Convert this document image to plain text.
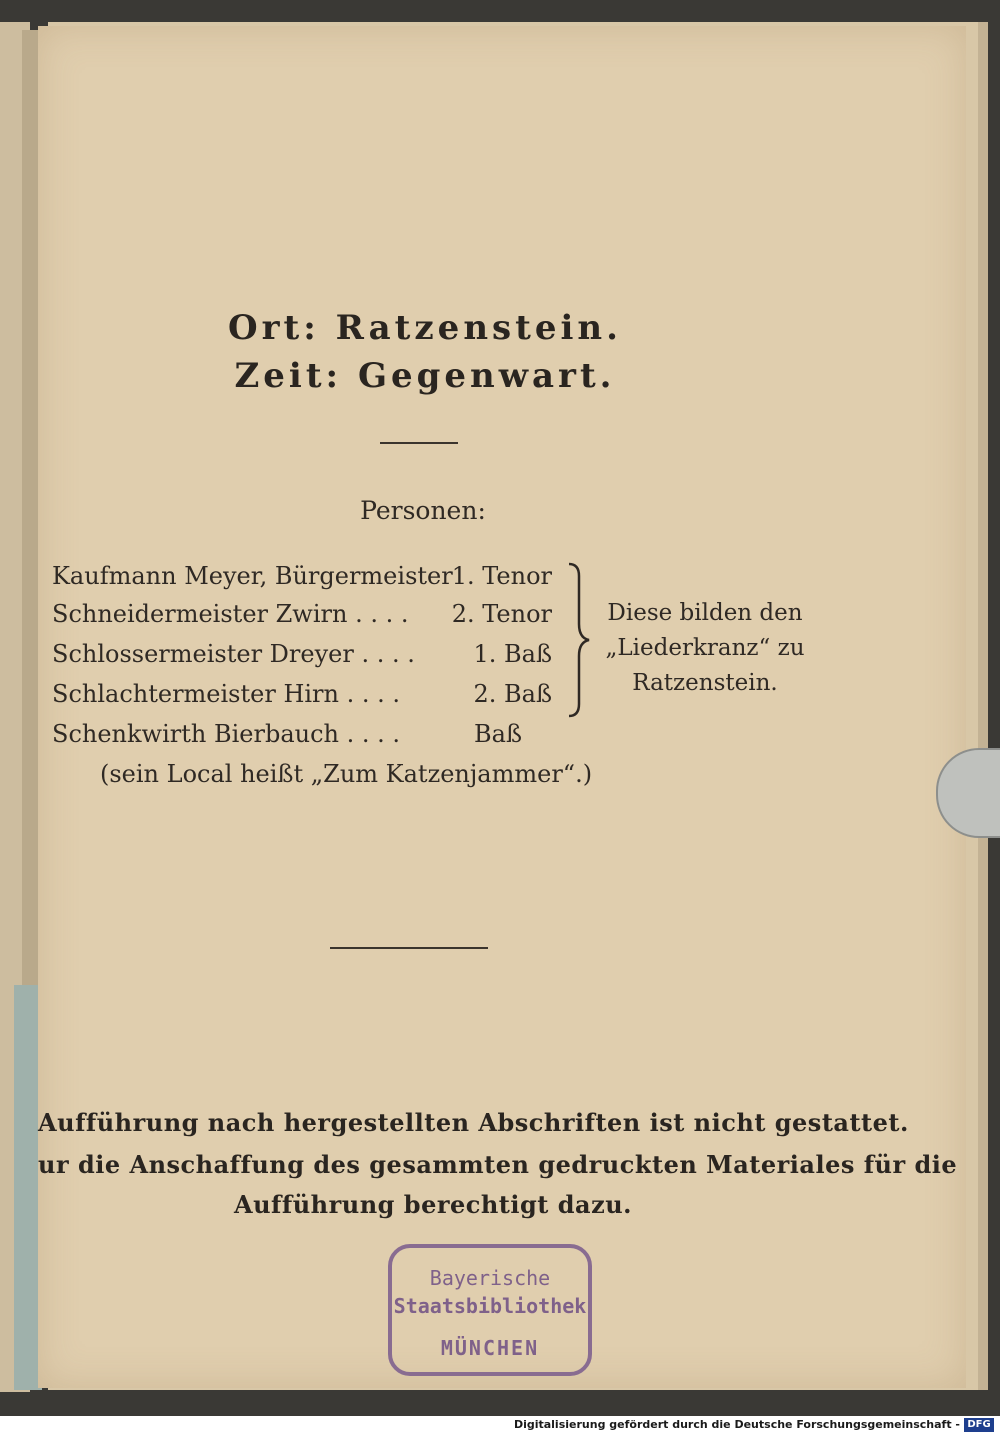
Ort: Ratzenstein.
Zeit: Gegenwart.
Personen:
Kaufmann Meyer, Bürgermeister 1. Tenor
Schneidermeister Zwirn . . . . 2. Tenor
Schlossermeister Dreyer . . . . 1. Baß
Schlachtermeister Hirn . . . .	2. Baß
Schenkwirth Bierbauch . . . .	Baß
(sein Local heißt „Zum Katzenjammer“.)
Diese bilden den
„Liederkranz“ zu
Ratzenstein.
Aufführung nach hergestellten Abschriften ist nicht gestattet.
ur die Anschaffung des gesammten gedruckten Materiales für die
Aufführung berechtigt dazu.
Bayerische
Staatsbibliothek
MÜNCHEN
Digitalisierung gefördert durch die Deutsche Forschungsgemeinschaft - DFG
